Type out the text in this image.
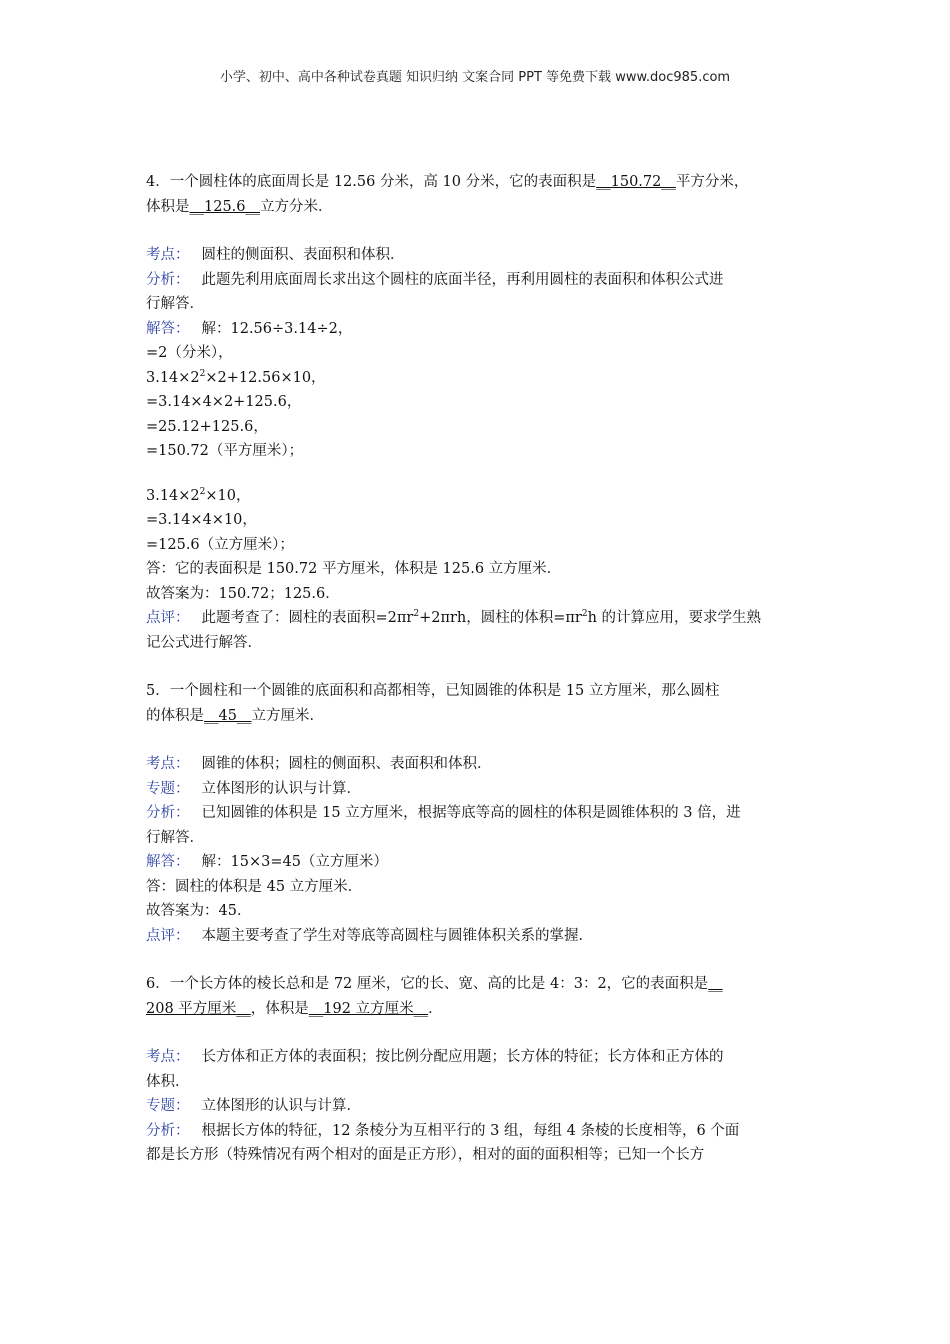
小学、初中、高中各种试卷真题 知识归纳 文案合同 PPT 等免费下载 www.doc985.com
4．一个圆柱体的底面周长是 12.56 分米，高 10 分米，它的表面积是__150.72__平方分米，
体积是__125.6__立方分米．
考点： 圆柱的侧面积、表面积和体积．
分析： 此题先利用底面周长求出这个圆柱的底面半径，再利用圆柱的表面积和体积公式进
行解答．
解答： 解：12.56÷3.14÷2，
=2（分米），
$3.14\times 2^2\times 2+12.56\times 10$，
=3.14×4×2+125.6，
=25.12+125.6，
=150.72（平方厘米）；
$3.14\times 2^2\times 10$，
=3.14×4×10，
=125.6（立方厘米）；
答：它的表面积是 150.72 平方厘米，体积是 125.6 立方厘米．
故答案为：150.72；125.6．
点评： 此题考查了：圆柱的表面积$=2\pi r^2+2\pi rh$，圆柱的体积$=\pi r^2h$ 的计算应用，要求学生熟
记公式进行解答．
5．一个圆柱和一个圆锥的底面积和高都相等，已知圆锥的体积是 15 立方厘米，那么圆柱
的体积是__45__立方厘米．
考点： 圆锥的体积；圆柱的侧面积、表面积和体积．
专题： 立体图形的认识与计算．
分析： 已知圆锥的体积是 15 立方厘米，根据等底等高的圆柱的体积是圆锥体积的 3 倍，进
行解答．
解答： 解：15×3=45（立方厘米）
答：圆柱的体积是 45 立方厘米．
故答案为：45．
点评： 本题主要考查了学生对等底等高圆柱与圆锥体积关系的掌握．
6．一个长方体的棱长总和是 72 厘米，它的长、宽、高的比是 4：3：2，它的表面积是__
208 平方厘米__，体积是__192 立方厘米__．
考点： 长方体和正方体的表面积；按比例分配应用题；长方体的特征；长方体和正方体的
体积．
专题： 立体图形的认识与计算．
分析： 根据长方体的特征，12 条棱分为互相平行的 3 组，每组 4 条棱的长度相等，6 个面
都是长方形（特殊情况有两个相对的面是正方形），相对的面的面积相等；已知一个长方
